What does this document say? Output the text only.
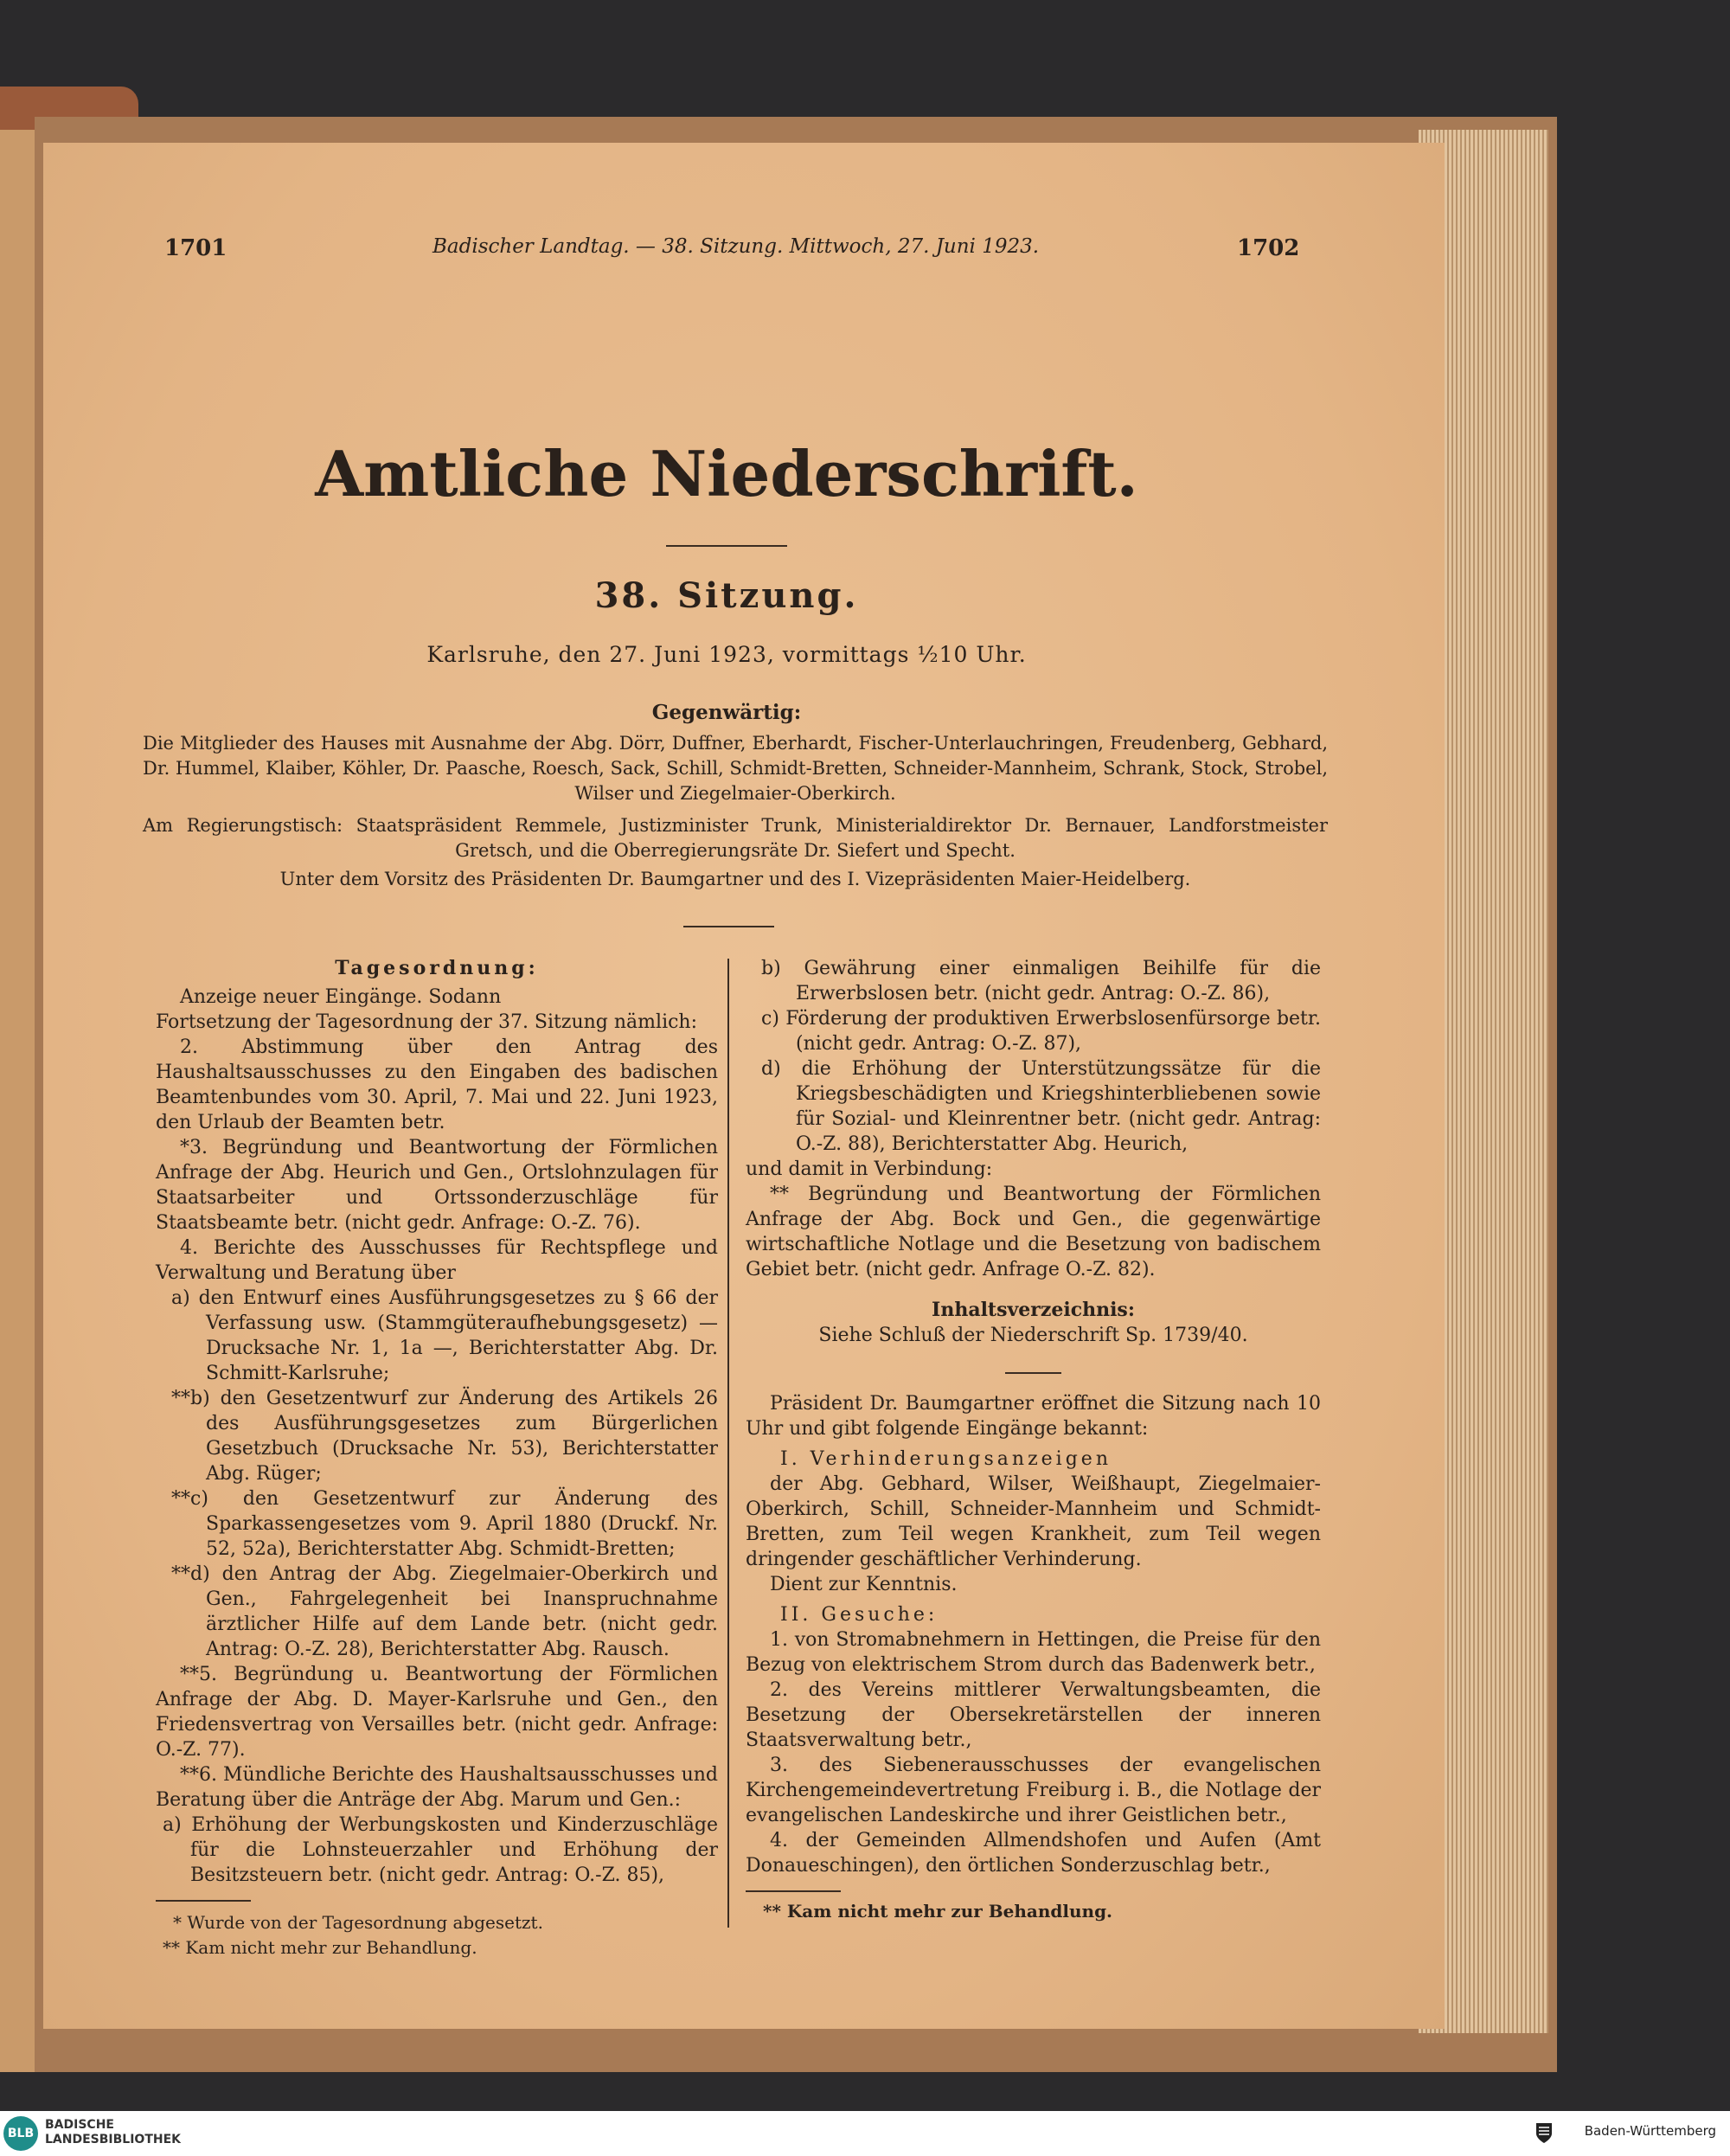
1701	Badischer Landtag. — 38. Sitzung. Mittwoch, 27. Juni 1923.	1702
Amtliche Niederschrift.
38. Sitzung.
Karlsruhe, den 27. Juni 1923, vormittags ½10 Uhr.
Gegenwärtig:
Die Mitglieder des Hauses mit Ausnahme der Abg. Dörr, Duffner, Eberhardt, Fischer-Unterlauchringen, Freudenberg, Gebhard, Dr. Hummel, Klaiber, Köhler, Dr. Paasche, Roesch, Sack, Schill, Schmidt-Bretten, Schneider-Mannheim, Schrank, Stock, Strobel, Wilser und Ziegelmaier-Oberkirch.
Am Regierungstisch: Staatspräsident Remmele, Justizminister Trunk, Ministerialdirektor Dr. Bernauer, Landforstmeister Gretsch, und die Oberregierungsräte Dr. Siefert und Specht.
Unter dem Vorsitz des Präsidenten Dr. Baumgartner und des I. Vizepräsidenten Maier-Heidelberg.

Tagesordnung:

Anzeige neuer Eingänge. Sodann

Fortsetzung der Tagesordnung der 37. Sitzung nämlich:

2. Abstimmung über den Antrag des Haushaltsausschusses zu den Eingaben des badischen Beamtenbundes vom 30. April, 7. Mai und 22. Juni 1923, den Urlaub der Beamten betr.

*3. Begründung und Beantwortung der Förmlichen Anfrage der Abg. Heurich und Gen., Ortslohnzulagen für Staatsarbeiter und Ortssonderzuschläge für Staatsbeamte betr. (nicht gedr. Anfrage: O.-Z. 76).

4. Berichte des Ausschusses für Rechtspflege und Verwaltung und Beratung über

a) den Entwurf eines Ausführungsgesetzes zu § 66 der Verfassung usw. (Stammgüteraufhebungsgesetz) — Drucksache Nr. 1, 1a —, Berichterstatter Abg. Dr. Schmitt-Karlsruhe;

**b) den Gesetzentwurf zur Änderung des Artikels 26 des Ausführungsgesetzes zum Bürgerlichen Gesetzbuch (Drucksache Nr. 53), Berichterstatter Abg. Rüger;

**c) den Gesetzentwurf zur Änderung des Sparkassengesetzes vom 9. April 1880 (Druckf. Nr. 52, 52a), Berichterstatter Abg. Schmidt-Bretten;

**d) den Antrag der Abg. Ziegelmaier-Oberkirch und Gen., Fahrgelegenheit bei Inanspruchnahme ärztlicher Hilfe auf dem Lande betr. (nicht gedr. Antrag: O.-Z. 28), Berichterstatter Abg. Rausch.

**5. Begründung u. Beantwortung der Förmlichen Anfrage der Abg. D. Mayer-Karlsruhe und Gen., den Friedensvertrag von Versailles betr. (nicht gedr. Anfrage: O.-Z. 77).

**6. Mündliche Berichte des Haushaltsausschusses und Beratung über die Anträge der Abg. Marum und Gen.:

a) Erhöhung der Werbungskosten und Kinderzuschläge für die Lohnsteuerzahler und Erhöhung der Besitzsteuern betr. (nicht gedr. Antrag: O.-Z. 85),

* Wurde von der Tagesordnung abgesetzt.

** Kam nicht mehr zur Behandlung.

b) Gewährung einer einmaligen Beihilfe für die Erwerbslosen betr. (nicht gedr. Antrag: O.-Z. 86),

c) Förderung der produktiven Erwerbslosenfürsorge betr. (nicht gedr. Antrag: O.-Z. 87),

d) die Erhöhung der Unterstützungssätze für die Kriegsbeschädigten und Kriegshinterbliebenen sowie für Sozial- und Kleinrentner betr. (nicht gedr. Antrag: O.-Z. 88), Berichterstatter Abg. Heurich,

und damit in Verbindung:

** Begründung und Beantwortung der Förmlichen Anfrage der Abg. Bock und Gen., die gegenwärtige wirtschaftliche Notlage und die Besetzung von badischem Gebiet betr. (nicht gedr. Anfrage O.-Z. 82).

Inhaltsverzeichnis:

Siehe Schluß der Niederschrift Sp. 1739/40.

Präsident Dr. Baumgartner eröffnet die Sitzung nach 10 Uhr und gibt folgende Eingänge bekannt:

I. Verhinderungsanzeigen

der Abg. Gebhard, Wilser, Weißhaupt, Ziegelmaier-Oberkirch, Schill, Schneider-Mannheim und Schmidt-Bretten, zum Teil wegen Krankheit, zum Teil wegen dringender geschäftlicher Verhinderung.

Dient zur Kenntnis.

II. Gesuche:

1. von Stromabnehmern in Hettingen, die Preise für den Bezug von elektrischem Strom durch das Badenwerk betr.,

2. des Vereins mittlerer Verwaltungsbeamten, die Besetzung der Obersekretärstellen der inneren Staatsverwaltung betr.,

3. des Siebenerausschusses der evangelischen Kirchengemeindevertretung Freiburg i. B., die Notlage der evangelischen Landeskirche und ihrer Geistlichen betr.,

4. der Gemeinden Allmendshofen und Aufen (Amt Donaueschingen), den örtlichen Sonderzuschlag betr.,

** Kam nicht mehr zur Behandlung.

BLB
BADISCHE
LANDESBIBLIOTHEK
Baden-Württemberg
